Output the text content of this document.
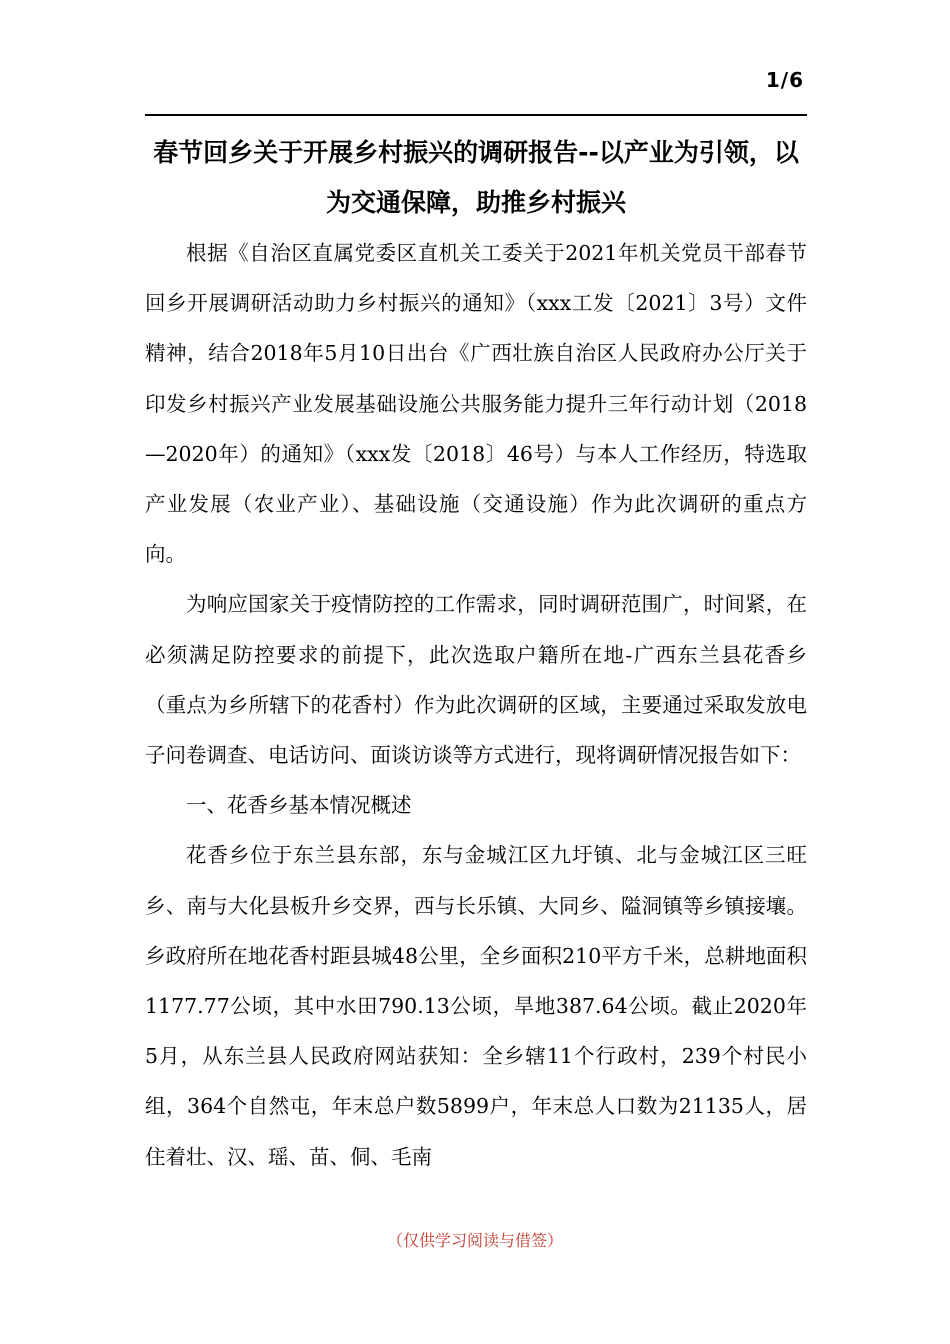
1/6
春节回乡关于开展乡村振兴的调研报告--以产业为引领，以为交通保障，助推乡村振兴

根据《自治区直属党委区直机关工委关于2021年机关党员干部春节回乡开展调研活动助力乡村振兴的通知》（xxx工发〔2021〕3号）文件精神，结合2018年5月10日出台《广西壮族自治区人民政府办公厅关于印发乡村振兴产业发展基础设施公共服务能力提升三年行动计划（2018—2020年）的通知》（xxx发〔2018〕46号）与本人工作经历，特选取产业发展（农业产业）、基础设施（交通设施）作为此次调研的重点方向。

为响应国家关于疫情防控的工作需求，同时调研范围广，时间紧，在必须满足防控要求的前提下，此次选取户籍所在地-广西东兰县花香乡（重点为乡所辖下的花香村）作为此次调研的区域，主要通过采取发放电子问卷调查、电话访问、面谈访谈等方式进行，现将调研情况报告如下：

一、花香乡基本情况概述

花香乡位于东兰县东部，东与金城江区九圩镇、北与金城江区三旺乡、南与大化县板升乡交界，西与长乐镇、大同乡、隘洞镇等乡镇接壤。乡政府所在地花香村距县城48公里，全乡面积210平方千米，总耕地面积1177.77公顷，其中水田790.13公顷，旱地387.64公顷。截止2020年5月，从东兰县人民政府网站获知：全乡辖11个行政村，239个村民小组，364个自然屯，年末总户数5899户，年末总人口数为21135人，居住着壮、汉、瑶、苗、侗、毛南

（仅供学习阅读与借签）
